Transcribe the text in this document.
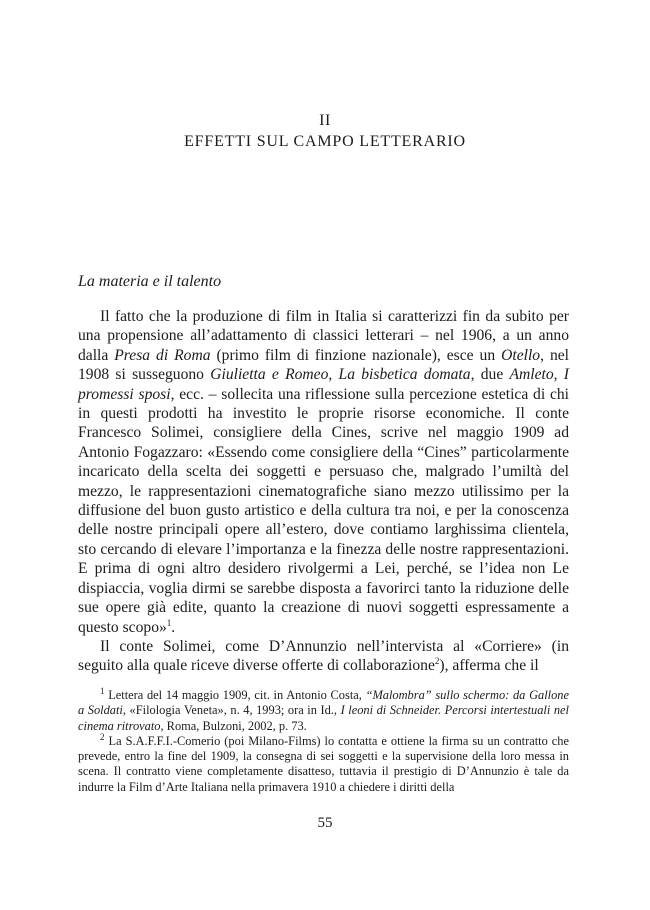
II
EFFETTI SUL CAMPO LETTERARIO
La materia e il talento

Il fatto che la produzione di film in Italia si caratterizzi fin da subito per una propensione all’adattamento di classici letterari – nel 1906, a un anno dalla Presa di Roma (primo film di finzione nazionale), esce un Otello, nel 1908 si susseguono Giulietta e Romeo, La bisbetica domata, due Amleto, I promessi sposi, ecc. – sollecita una riflessione sulla percezione estetica di chi in questi prodotti ha investito le proprie risorse economiche. Il conte Francesco Solimei, consigliere della Cines, scrive nel maggio 1909 ad Antonio Fogazzaro: «Essendo come consigliere della “Cines” particolarmente incaricato della scelta dei soggetti e persuaso che, malgrado l’umiltà del mezzo, le rappresentazioni cinematografiche siano mezzo utilissimo per la diffusione del buon gusto artistico e della cultura tra noi, e per la conoscenza delle nostre principali opere all’estero, dove contiamo larghissima clientela, sto cercando di elevare l’importanza e la finezza delle nostre rappresentazioni. E prima di ogni altro desidero rivolgermi a Lei, perché, se l’idea non Le dispiaccia, voglia dirmi se sarebbe disposta a favorirci tanto la riduzione delle sue opere già edite, quanto la creazione di nuovi soggetti espressamente a questo scopo»$^1$.

Il conte Solimei, come D’Annunzio nell’intervista al «Corriere» (in seguito alla quale riceve diverse offerte di collaborazione$^2$), afferma che il

$^1$ Lettera del 14 maggio 1909, cit. in Antonio Costa, “Malombra” sullo schermo: da Gallone a Soldati, «Filologia Veneta», n. 4, 1993; ora in Id., I leoni di Schneider. Percorsi intertestuali nel cinema ritrovato, Roma, Bulzoni, 2002, p. 73.

$^2$ La S.A.F.F.I.-Comerio (poi Milano-Films) lo contatta e ottiene la firma su un contratto che prevede, entro la fine del 1909, la consegna di sei soggetti e la supervisione della loro messa in scena. Il contratto viene completamente disatteso, tuttavia il prestigio di D’Annunzio è tale da indurre la Film d’Arte Italiana nella primavera 1910 a chiedere i diritti della

55
